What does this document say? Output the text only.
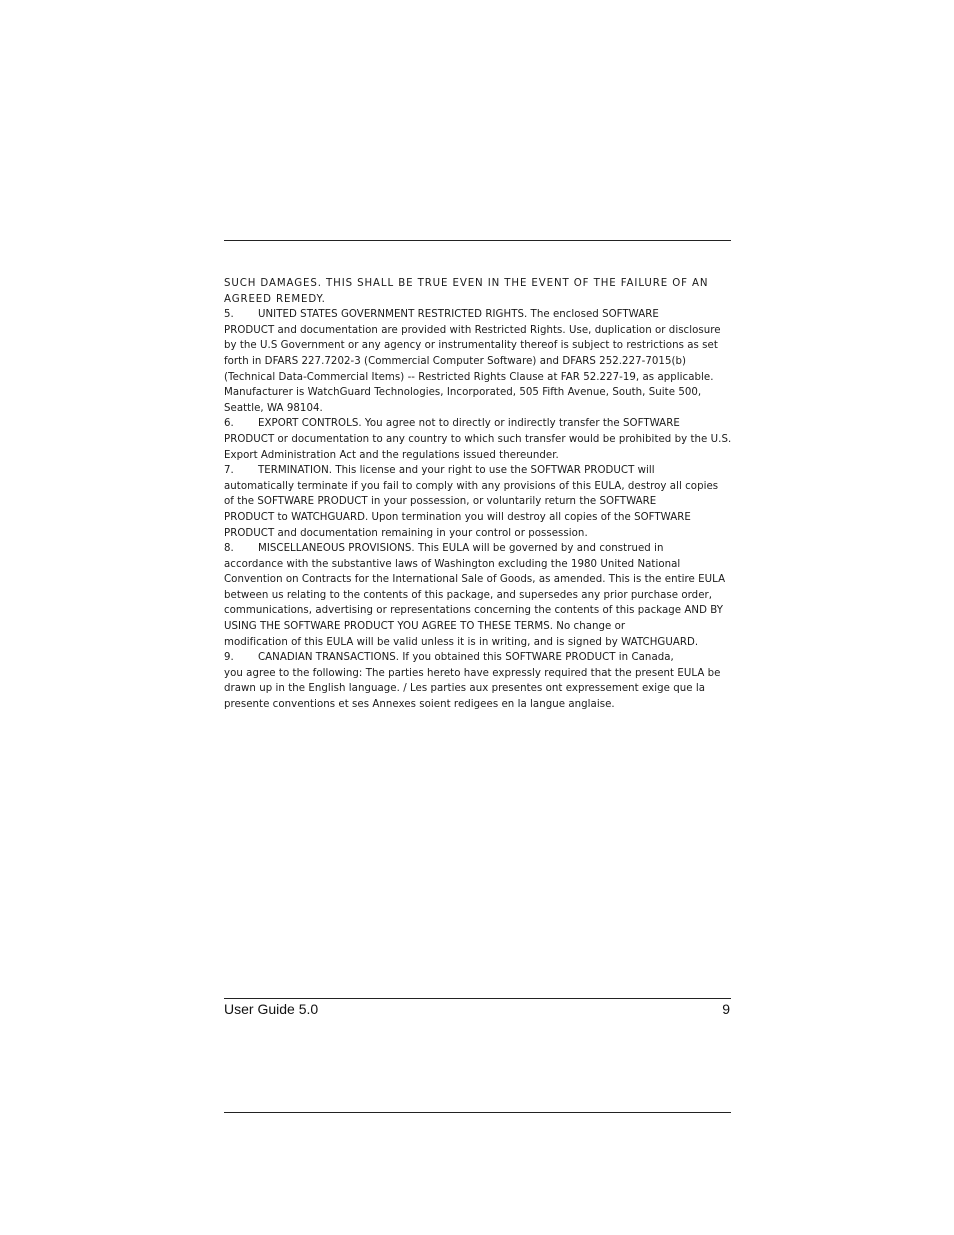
SUCH DAMAGES. THIS SHALL BE TRUE EVEN IN THE EVENT OF THE FAILURE OF AN

AGREED REMEDY.

5. UNITED STATES GOVERNMENT RESTRICTED RIGHTS. The enclosed SOFTWARE

PRODUCT and documentation are provided with Restricted Rights. Use, duplication or disclosure

by the U.S Government or any agency or instrumentality thereof is subject to restrictions as set

forth in DFARS 227.7202-3 (Commercial Computer Software) and DFARS 252.227-7015(b)

(Technical Data-Commercial Items) -- Restricted Rights Clause at FAR 52.227-19, as applicable.

Manufacturer is WatchGuard Technologies, Incorporated, 505 Fifth Avenue, South, Suite 500,

Seattle, WA 98104.

6. EXPORT CONTROLS. You agree not to directly or indirectly transfer the SOFTWARE

PRODUCT or documentation to any country to which such transfer would be prohibited by the U.S.

Export Administration Act and the regulations issued thereunder.

7. TERMINATION. This license and your right to use the SOFTWAR PRODUCT will

automatically terminate if you fail to comply with any provisions of this EULA, destroy all copies

of the SOFTWARE PRODUCT in your possession, or voluntarily return the SOFTWARE

PRODUCT to WATCHGUARD. Upon termination you will destroy all copies of the SOFTWARE

PRODUCT and documentation remaining in your control or possession.

8. MISCELLANEOUS PROVISIONS. This EULA will be governed by and construed in

accordance with the substantive laws of Washington excluding the 1980 United National

Convention on Contracts for the International Sale of Goods, as amended. This is the entire EULA

between us relating to the contents of this package, and supersedes any prior purchase order,

communications, advertising or representations concerning the contents of this package AND BY

USING THE SOFTWARE PRODUCT YOU AGREE TO THESE TERMS. No change or

modification of this EULA will be valid unless it is in writing, and is signed by WATCHGUARD.

9. CANADIAN TRANSACTIONS. If you obtained this SOFTWARE PRODUCT in Canada,

you agree to the following: The parties hereto have expressly required that the present EULA be

drawn up in the English language. / Les parties aux presentes ont expressement exige que la

presente conventions et ses Annexes soient redigees en la langue anglaise.

User Guide 5.0	9
